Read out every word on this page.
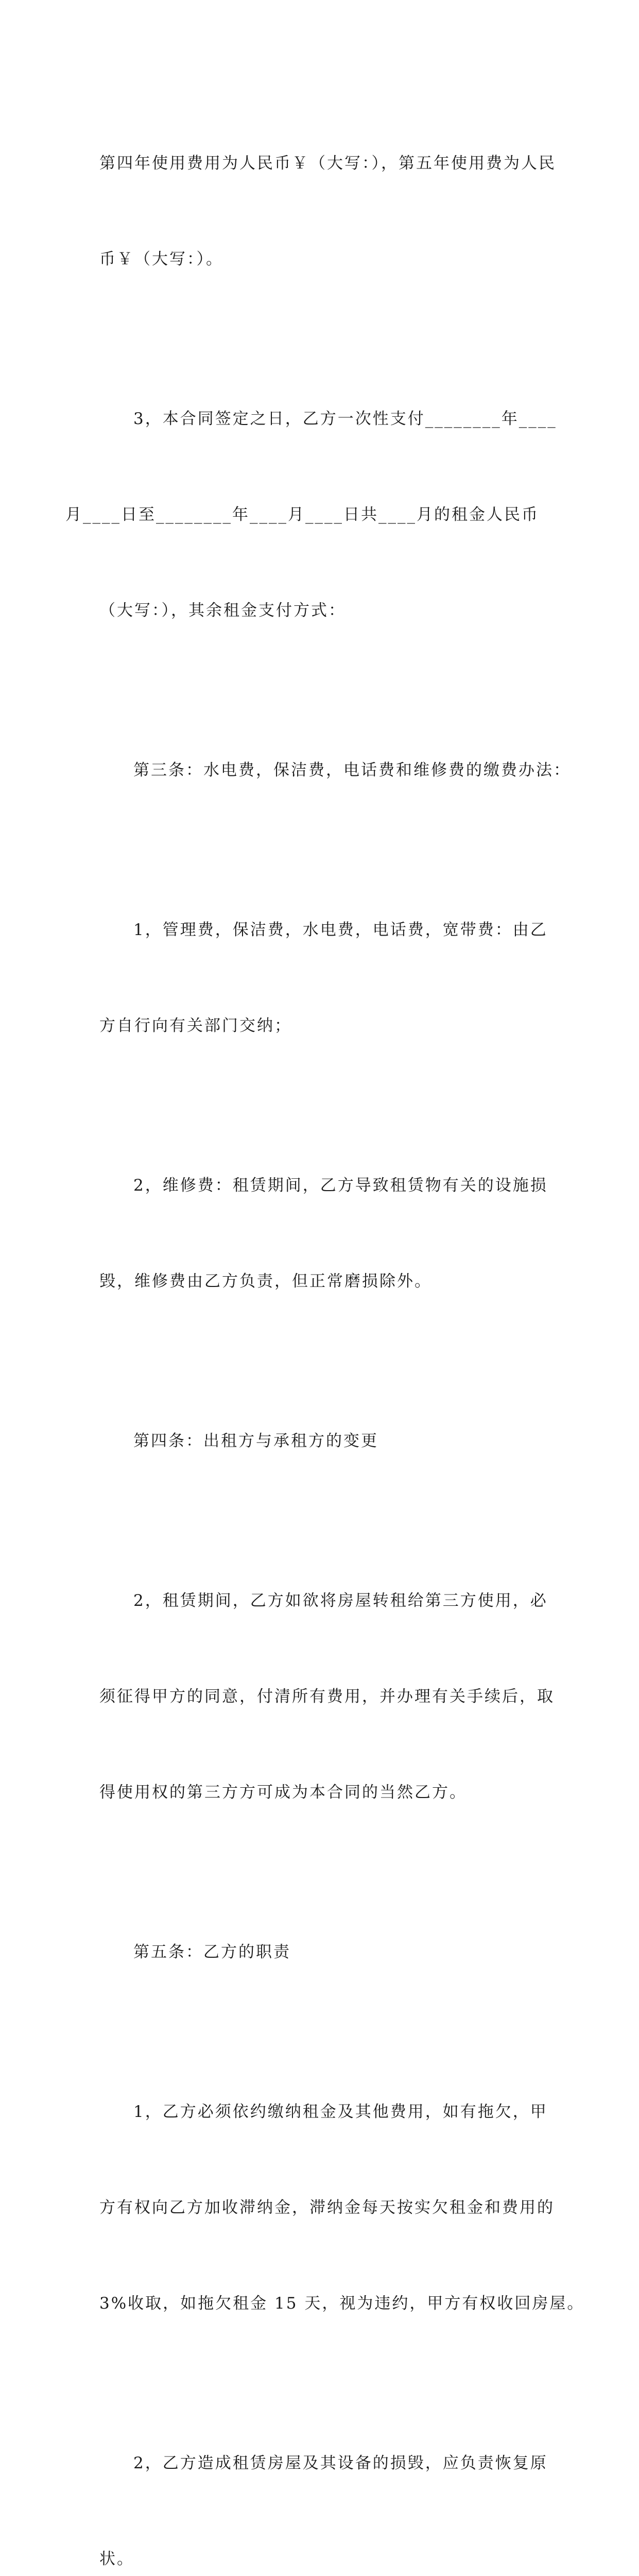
第四年使用费用为人民币￥（大写：），第五年使用费为人民

币￥（大写：）。

3，本合同签定之日，乙方一次性支付________年____

月____日至________年____月____日共____月的租金人民币

（大写：），其余租金支付方式：

第三条：水电费，保洁费，电话费和维修费的缴费办法：

1，管理费，保洁费，水电费，电话费，宽带费：由乙

方自行向有关部门交纳；

2，维修费：租赁期间，乙方导致租赁物有关的设施损

毁，维修费由乙方负责，但正常磨损除外。

第四条：出租方与承租方的变更

2，租赁期间，乙方如欲将房屋转租给第三方使用，必

须征得甲方的同意，付清所有费用，并办理有关手续后，取

得使用权的第三方方可成为本合同的当然乙方。

第五条：乙方的职责

1，乙方必须依约缴纳租金及其他费用，如有拖欠，甲

方有权向乙方加收滞纳金，滞纳金每天按实欠租金和费用的

3%收取，如拖欠租金 15 天，视为违约，甲方有权收回房屋。

2，乙方造成租赁房屋及其设备的损毁，应负责恢复原

状。
